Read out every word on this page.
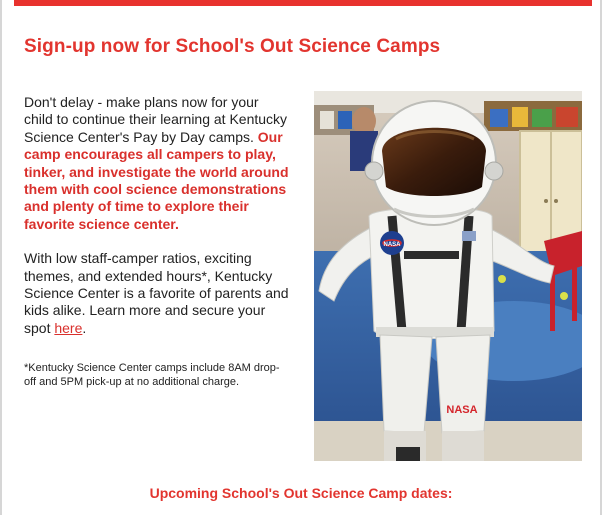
Sign-up now for School's Out Science Camps

Don't delay - make plans now for your child to continue their learning at Kentucky Science Center's Pay by Day camps. Our camp encourages all campers to play, tinker, and investigate the world around them with cool science demonstrations and plenty of time to explore their favorite science center.

With low staff-camper ratios, exciting themes, and extended hours*, Kentucky Science Center is a favorite of parents and kids alike. Learn more and secure your spot here.

*Kentucky Science Center camps include 8AM drop-off and 5PM pick-up at no additional charge.

NASA
NASA
Upcoming School's Out Science Camp dates:
